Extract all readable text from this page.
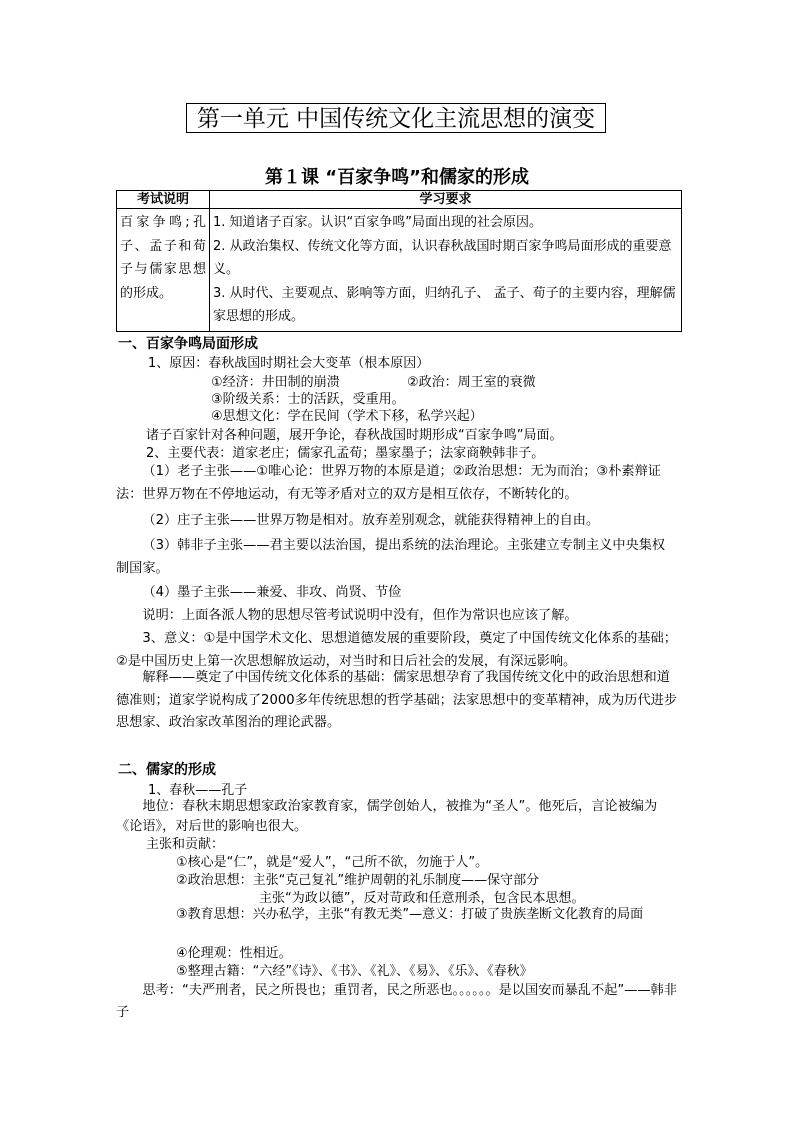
第一单元 中国传统文化主流思想的演变
第１课 “百家争鸣”和儒家的形成
考试说明	学习要求
百家争鸣;孔子、孟子和荀子与儒家思想的形成。	1. 知道诸子百家。认识“百家争鸣”局面出现的社会原因。
2. 从政治集权、传统文化等方面，认识春秋战国时期百家争鸣局面形成的重要意义。
3. 从时代、主要观点、影响等方面，归纳孔子、 孟子、荀子的主要内容，理解儒家思想的形成。
一、百家争鸣局面形成
1、原因：春秋战国时期社会大变革（根本原因）
①经济：井田制的崩溃	②政治：周王室的衰微
③阶级关系：士的活跃，受重用。
④思想文化：学在民间（学术下移，私学兴起）
诸子百家针对各种问题，展开争论，春秋战国时期形成“百家争鸣”局面。
2、主要代表：道家老庄；儒家孔孟荀；墨家墨子；法家商鞅韩非子。
（1）老子主张——①唯心论：世界万物的本原是道；②政治思想：无为而治；③朴素辩证法：世界万物在不停地运动，有无等矛盾对立的双方是相互依存，不断转化的。
（2）庄子主张——世界万物是相对。放弃差别观念，就能获得精神上的自由。
（3）韩非子主张——君主要以法治国，提出系统的法治理论。主张建立专制主义中央集权制国家。
（4）墨子主张——兼爱、非攻、尚贤、节俭
说明：上面各派人物的思想尽管考试说明中没有，但作为常识也应该了解。
3、意义：①是中国学术文化、思想道德发展的重要阶段，奠定了中国传统文化体系的基础；②是中国历史上第一次思想解放运动，对当时和日后社会的发展，有深远影响。
解释——奠定了中国传统文化体系的基础：儒家思想孕育了我国传统文化中的政治思想和道德准则；道家学说构成了2000多年传统思想的哲学基础；法家思想中的变革精神，成为历代进步思想家、政治家改革图治的理论武器。
二、儒家的形成
1、春秋——孔子
地位：春秋末期思想家政治家教育家，儒学创始人，被推为“圣人”。他死后，言论被编为《论语》，对后世的影响也很大。
主张和贡献：
①核心是“仁”，就是“爱人”，“己所不欲，勿施于人”。
②政治思想：主张“克己复礼”维护周朝的礼乐制度——保守部分
主张“为政以德”，反对苛政和任意刑杀，包含民本思想。
③教育思想：兴办私学，主张“有教无类”—意义：打破了贵族垄断文化教育的局面
④伦理观：性相近。
⑤整理古籍：“六经”《诗》、《书》、《礼》、《易》、《乐》、《春秋》
思考：“夫严刑者，民之所畏也；重罚者，民之所恶也。。。。。。是以国安而暴乱不起”——韩非子
